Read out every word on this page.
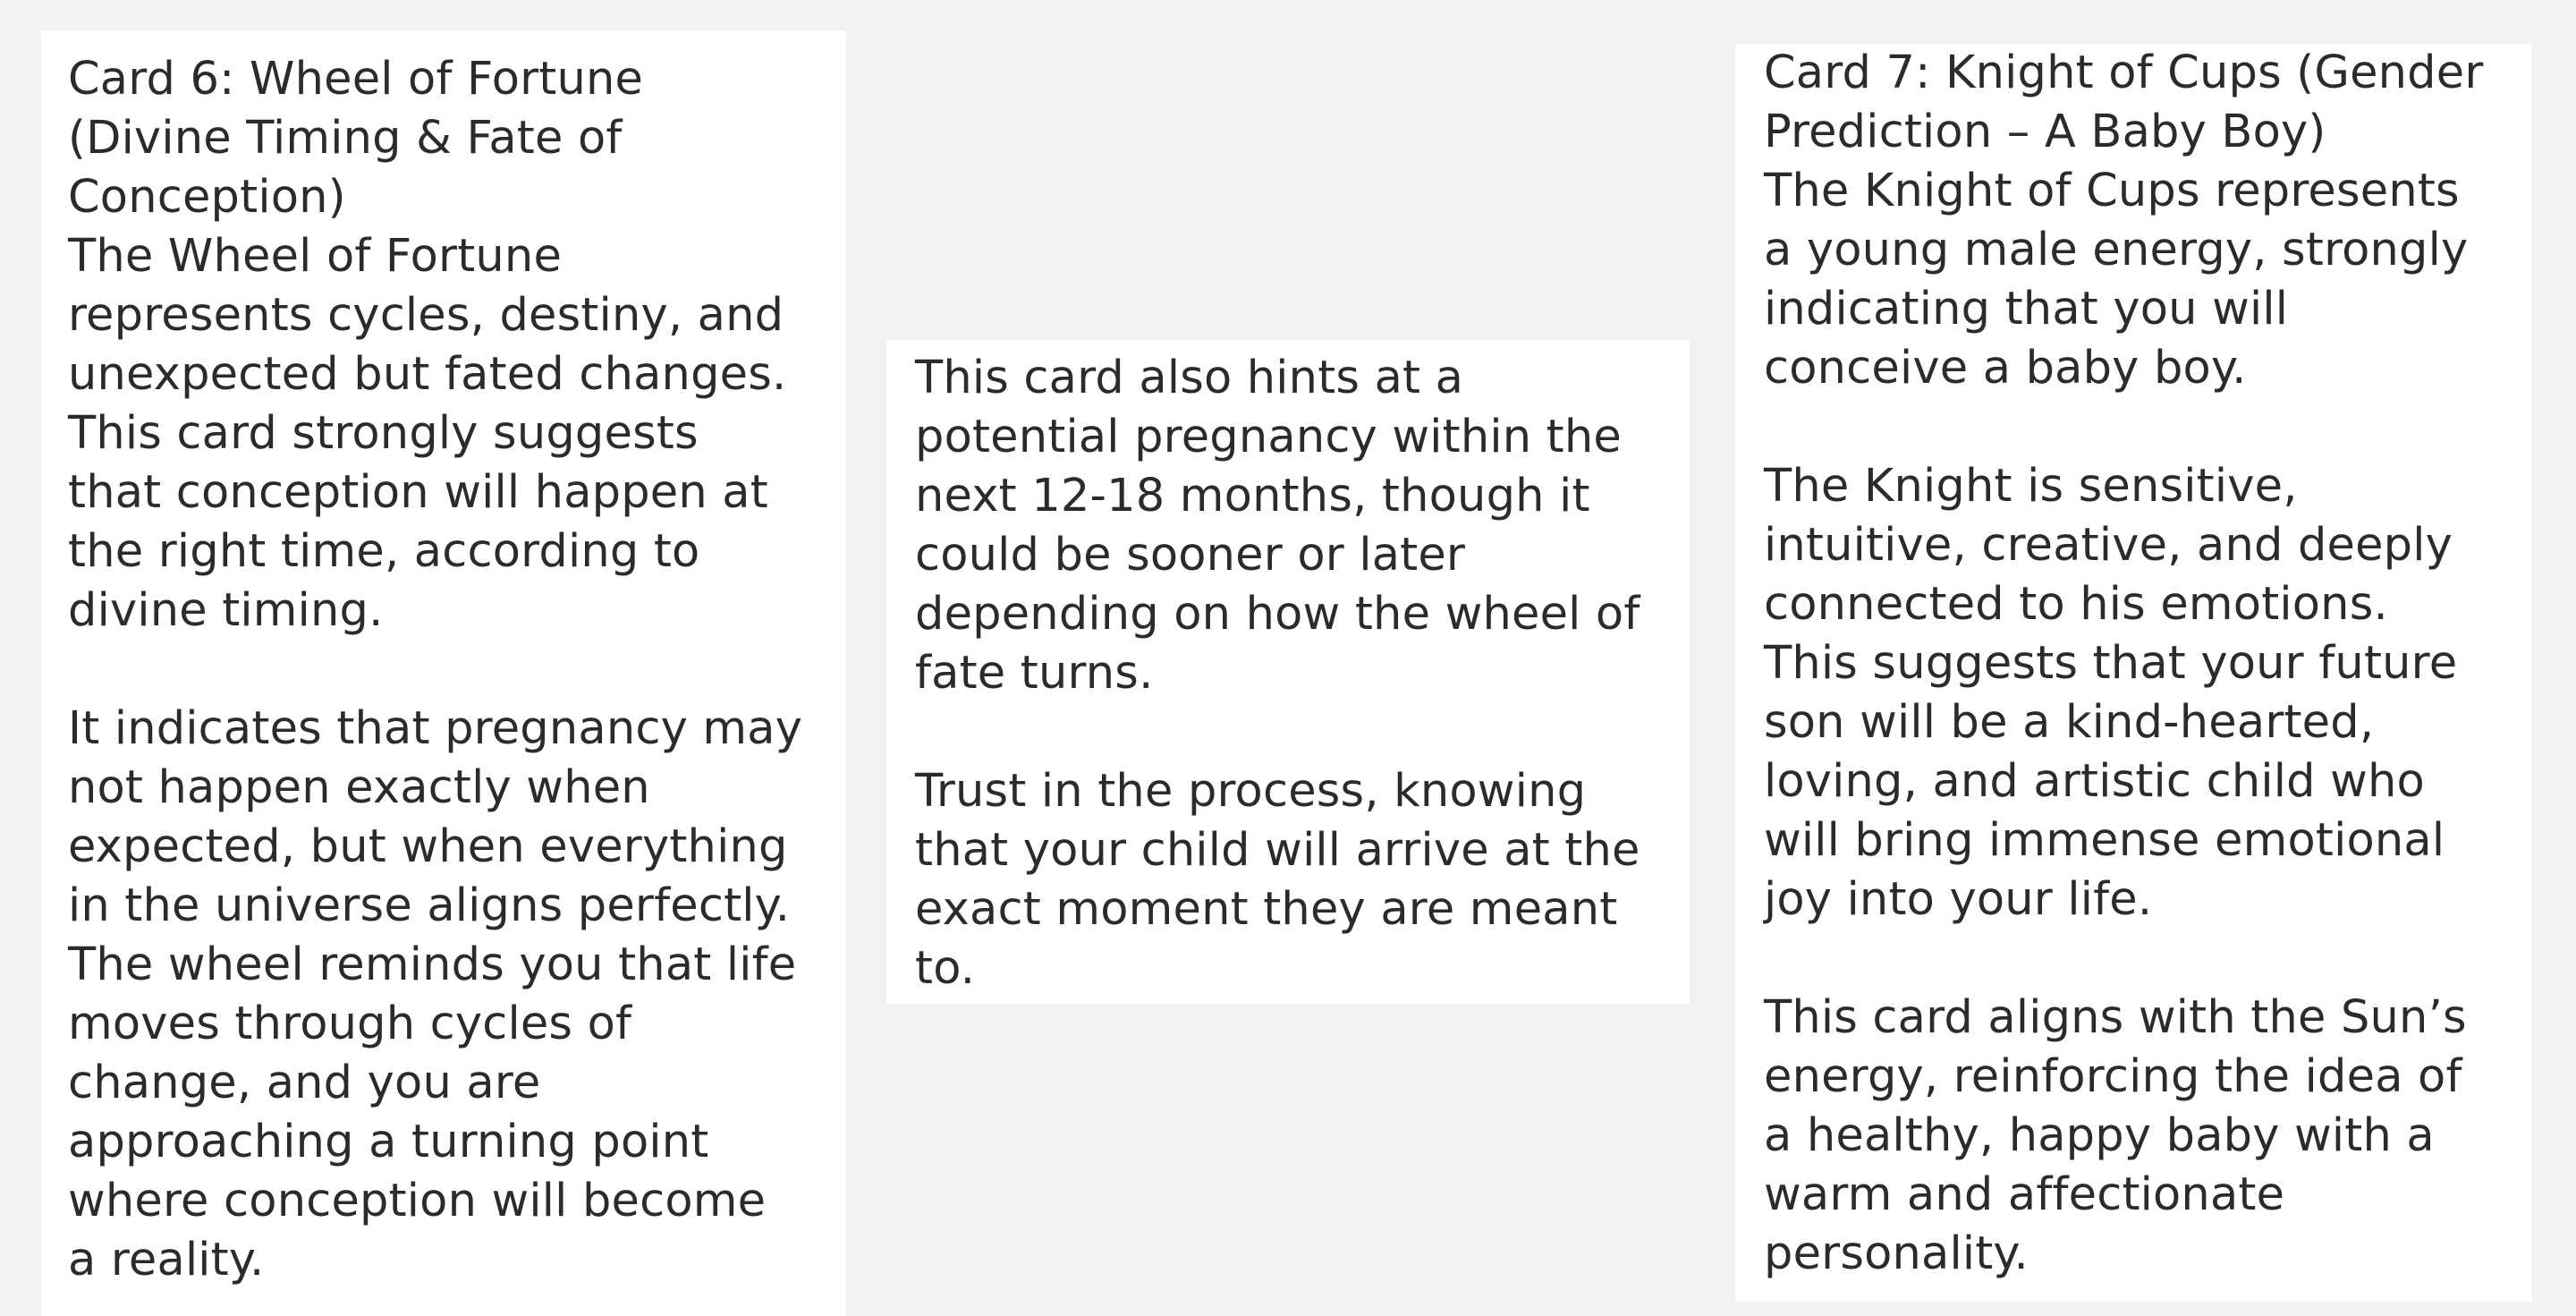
Card 6: Wheel of Fortune
(Divine Timing & Fate of
Conception)
The Wheel of Fortune
represents cycles, destiny, and
unexpected but fated changes.
This card strongly suggests
that conception will happen at
the right time, according to
divine timing.

It indicates that pregnancy may
not happen exactly when
expected, but when everything
in the universe aligns perfectly.
The wheel reminds you that life
moves through cycles of
change, and you are
approaching a turning point
where conception will become
a reality.

This card also hints at a
potential pregnancy within the
next 12-18 months, though it
could be sooner or later
depending on how the wheel of
fate turns.

Trust in the process, knowing
that your child will arrive at the
exact moment they are meant
to.

Card 7: Knight of Cups (Gender
Prediction – A Baby Boy)
The Knight of Cups represents
a young male energy, strongly
indicating that you will
conceive a baby boy.

The Knight is sensitive,
intuitive, creative, and deeply
connected to his emotions.
This suggests that your future
son will be a kind-hearted,
loving, and artistic child who
will bring immense emotional
joy into your life.

This card aligns with the Sun’s
energy, reinforcing the idea of
a healthy, happy baby with a
warm and affectionate
personality.
